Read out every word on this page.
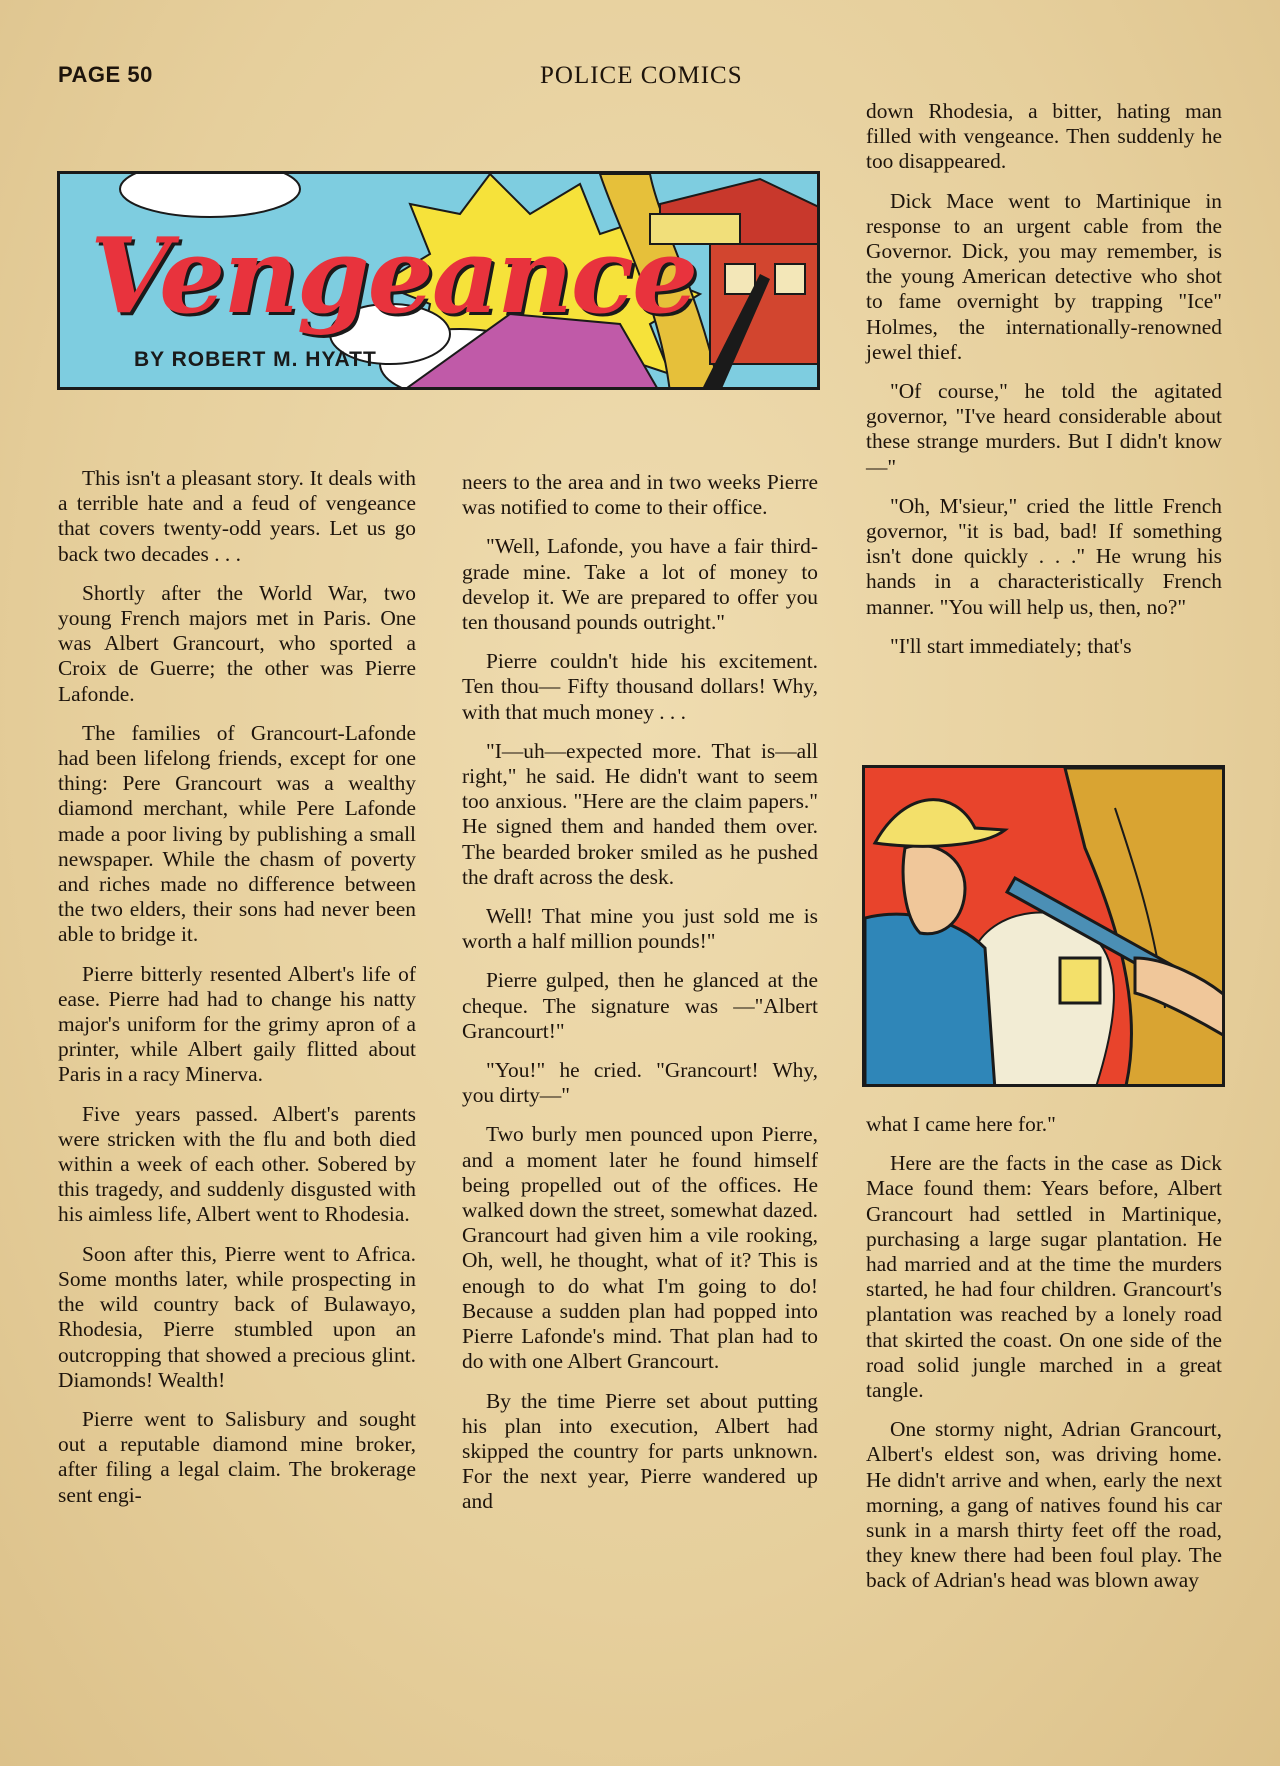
PAGE 50	POLICE COMICS
Vengeance
BY ROBERT M. HYATT

This isn't a pleasant story. It deals with a terrible hate and a feud of vengeance that covers twenty-odd years. Let us go back two decades . . .

Shortly after the World War, two young French majors met in Paris. One was Albert Grancourt, who sported a Croix de Guerre; the other was Pierre Lafonde.

The families of Grancourt-Lafonde had been lifelong friends, except for one thing: Pere Grancourt was a wealthy diamond merchant, while Pere Lafonde made a poor living by publishing a small newspaper. While the chasm of poverty and riches made no difference between the two elders, their sons had never been able to bridge it.

Pierre bitterly resented Albert's life of ease. Pierre had had to change his natty major's uniform for the grimy apron of a printer, while Albert gaily flitted about Paris in a racy Minerva.

Five years passed. Albert's parents were stricken with the flu and both died within a week of each other. Sobered by this tragedy, and suddenly disgusted with his aimless life, Albert went to Rhodesia.

Soon after this, Pierre went to Africa. Some months later, while prospecting in the wild country back of Bulawayo, Rhodesia, Pierre stumbled upon an outcropping that showed a precious glint. Diamonds! Wealth!

Pierre went to Salisbury and sought out a reputable diamond mine broker, after filing a legal claim. The brokerage sent engi-

neers to the area and in two weeks Pierre was notified to come to their office.

"Well, Lafonde, you have a fair third-grade mine. Take a lot of money to develop it. We are prepared to offer you ten thousand pounds outright."

Pierre couldn't hide his excitement. Ten thou— Fifty thousand dollars! Why, with that much money . . .

"I—uh—expected more. That is—all right," he said. He didn't want to seem too anxious. "Here are the claim papers." He signed them and handed them over. The bearded broker smiled as he pushed the draft across the desk.

Well! That mine you just sold me is worth a half million pounds!"

Pierre gulped, then he glanced at the cheque. The signature was —"Albert Grancourt!"

"You!" he cried. "Grancourt! Why, you dirty—"

Two burly men pounced upon Pierre, and a moment later he found himself being propelled out of the offices. He walked down the street, somewhat dazed. Grancourt had given him a vile rooking, Oh, well, he thought, what of it? This is enough to do what I'm going to do! Because a sudden plan had popped into Pierre Lafonde's mind. That plan had to do with one Albert Grancourt.

By the time Pierre set about putting his plan into execution, Albert had skipped the country for parts unknown. For the next year, Pierre wandered up and

down Rhodesia, a bitter, hating man filled with vengeance. Then suddenly he too disappeared.

Dick Mace went to Martinique in response to an urgent cable from the Governor. Dick, you may remember, is the young American detective who shot to fame overnight by trapping "Ice" Holmes, the internationally-renowned jewel thief.

"Of course," he told the agitated governor, "I've heard considerable about these strange murders. But I didn't know—"

"Oh, M'sieur," cried the little French governor, "it is bad, bad! If something isn't done quickly . . ." He wrung his hands in a characteristically French manner. "You will help us, then, no?"

"I'll start immediately; that's

what I came here for."

Here are the facts in the case as Dick Mace found them: Years before, Albert Grancourt had settled in Martinique, purchasing a large sugar plantation. He had married and at the time the murders started, he had four children. Grancourt's plantation was reached by a lonely road that skirted the coast. On one side of the road solid jungle marched in a great tangle.

One stormy night, Adrian Grancourt, Albert's eldest son, was driving home. He didn't arrive and when, early the next morning, a gang of natives found his car sunk in a marsh thirty feet off the road, they knew there had been foul play. The back of Adrian's head was blown away
